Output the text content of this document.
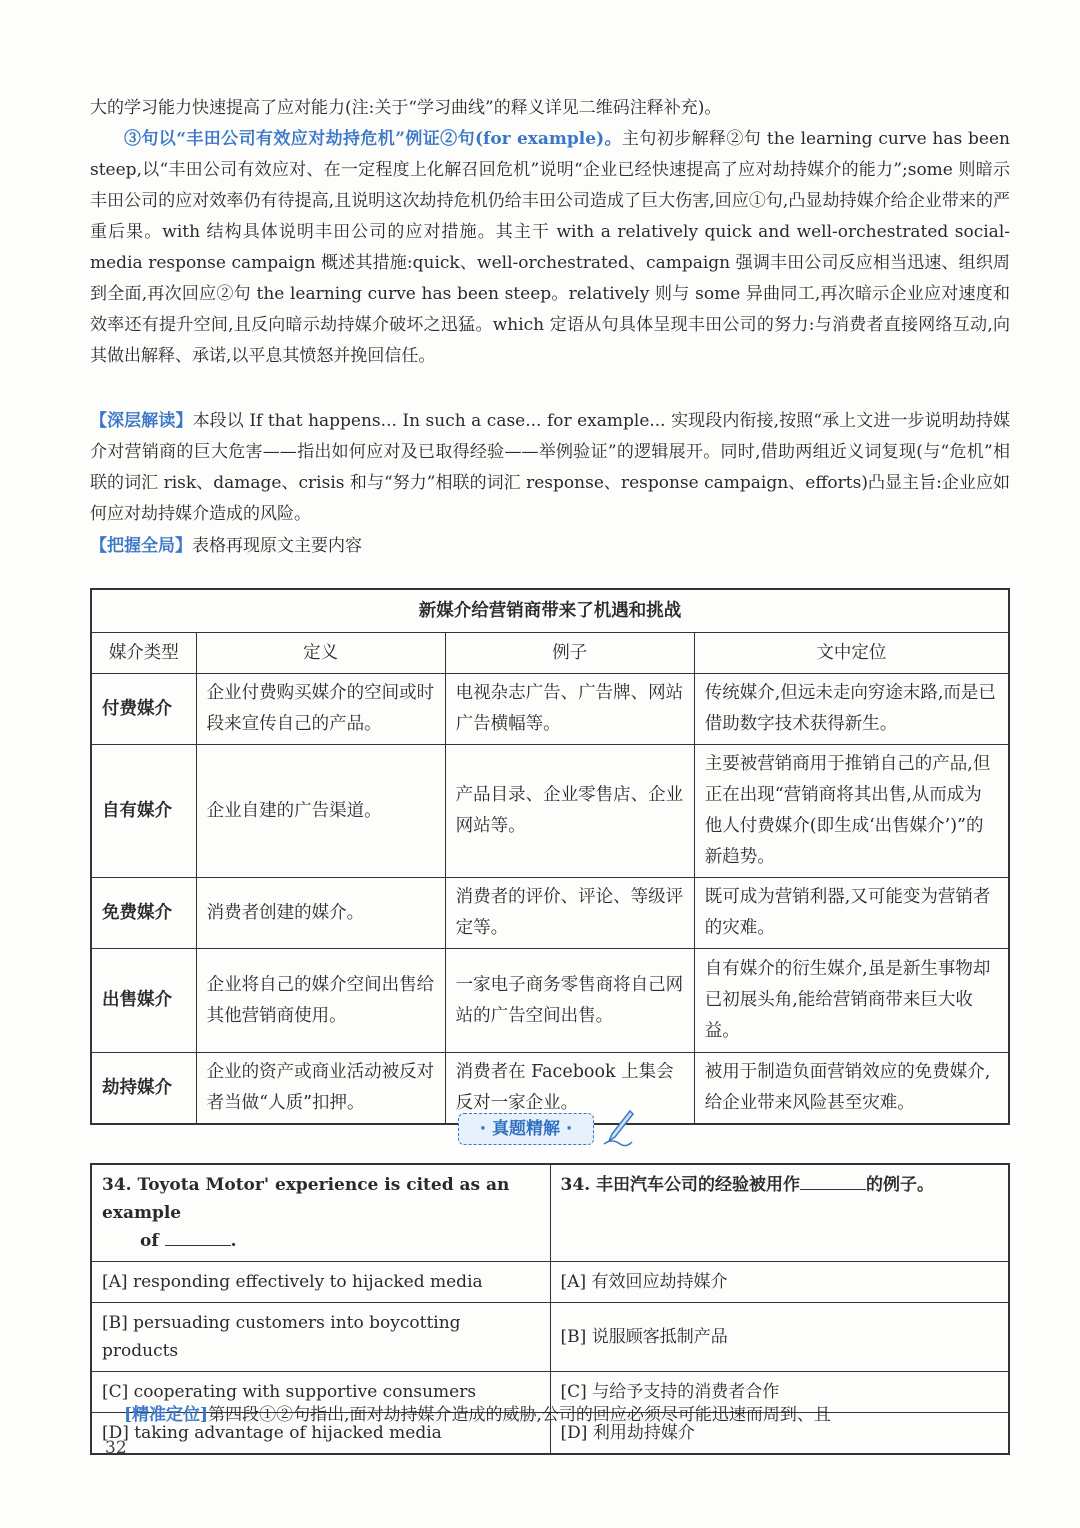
大的学习能力快速提高了应对能力(注:关于“学习曲线”的释义详见二维码注释补充)。
③句以“丰田公司有效应对劫持危机”例证②句(for example)。主句初步解释②句 the learning curve has been steep,以“丰田公司有效应对、在一定程度上化解召回危机”说明“企业已经快速提高了应对劫持媒介的能力”;some 则暗示丰田公司的应对效率仍有待提高,且说明这次劫持危机仍给丰田公司造成了巨大伤害,回应①句,凸显劫持媒介给企业带来的严重后果。with 结构具体说明丰田公司的应对措施。其主干 with a relatively quick and well-orchestrated social-media response campaign 概述其措施:quick、well-orchestrated、campaign 强调丰田公司反应相当迅速、组织周到全面,再次回应②句 the learning curve has been steep。relatively 则与 some 异曲同工,再次暗示企业应对速度和效率还有提升空间,且反向暗示劫持媒介破坏之迅猛。which 定语从句具体呈现丰田公司的努力:与消费者直接网络互动,向其做出解释、承诺,以平息其愤怒并挽回信任。
【深层解读】本段以 If that happens... In such a case... for example... 实现段内衔接,按照“承上文进一步说明劫持媒介对营销商的巨大危害——指出如何应对及已取得经验——举例验证”的逻辑展开。同时,借助两组近义词复现(与“危机”相联的词汇 risk、damage、crisis 和与“努力”相联的词汇 response、response campaign、efforts)凸显主旨:企业应如何应对劫持媒介造成的风险。
【把握全局】表格再现原文主要内容
新媒介给营销商带来了机遇和挑战			
媒介类型	定义	例子	文中定位
付费媒介	企业付费购买媒介的空间或时段来宣传自己的产品。	电视杂志广告、广告牌、网站广告横幅等。	传统媒介,但远未走向穷途末路,而是已借助数字技术获得新生。
自有媒介	企业自建的广告渠道。	产品目录、企业零售店、企业网站等。	主要被营销商用于推销自己的产品,但正在出现“营销商将其出售,从而成为他人付费媒介(即生成‘出售媒介’)”的新趋势。
免费媒介	消费者创建的媒介。	消费者的评价、评论、等级评定等。	既可成为营销利器,又可能变为营销者的灾难。
出售媒介	企业将自己的媒介空间出售给其他营销商使用。	一家电子商务零售商将自己网站的广告空间出售。	自有媒介的衍生媒介,虽是新生事物却已初展头角,能给营销商带来巨大收益。
劫持媒介	企业的资产或商业活动被反对者当做“人质”扣押。	消费者在 Facebook 上集会反对一家企业。	被用于制造负面营销效应的免费媒介,给企业带来风险甚至灾难。
· 真题精解 ·
34. Toyota Motor' experience is cited as an example
of .	34. 丰田汽车公司的经验被用作 的例子。
[A] responding effectively to hijacked media	[A] 有效回应劫持媒介
[B] persuading customers into boycotting products	[B] 说服顾客抵制产品
[C] cooperating with supportive consumers	[C] 与给予支持的消费者合作
[D] taking advantage of hijacked media	[D] 利用劫持媒介
[精准定位]第四段①②句指出,面对劫持媒介造成的威胁,公司的回应必须尽可能迅速而周到、且
32
